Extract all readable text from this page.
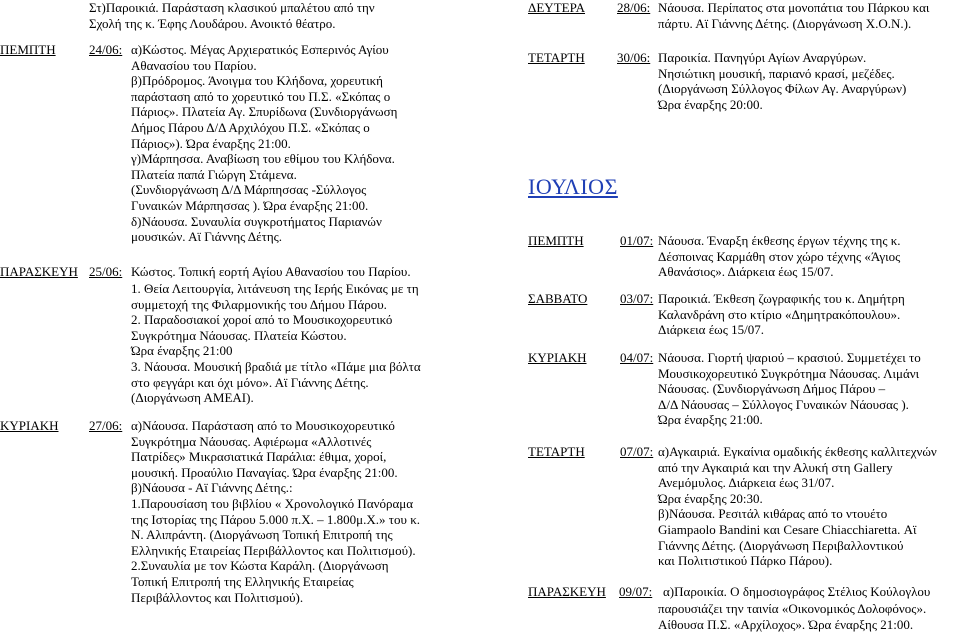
Στ)Παροικιά. Παράσταση κλασικού μπαλέτου από την
Σχολή της κ. Έφης Λουδάρου. Ανοικτό θέατρο.
ΠΕΜΠΤΗ	24/06: α)Κώστος. Μέγας Αρχιερατικός Εσπερινός Αγίου
Αθανασίου του Παρίου.
β)Πρόδρομος. Άνοιγμα του Κλήδονα, χορευτική
παράσταση από το χορευτικό του Π.Σ. «Σκόπας ο
Πάριος». Πλατεία Αγ. Σπυρίδωνα (Συνδιοργάνωση
Δήμος Πάρου Δ/Δ Αρχιλόχου Π.Σ. «Σκόπας ο
Πάριος»). Ώρα έναρξης 21:00.
γ)Μάρπησσα. Αναβίωση του εθίμου του Κλήδονα.
Πλατεία παπά Γιώργη Στάμενα.
(Συνδιοργάνωση Δ/Δ Μάρπησσας -Σύλλογος
Γυναικών Μάρπησσας ). Ώρα έναρξης 21:00.
δ)Νάουσα. Συναυλία συγκροτήματος Παριανών
μουσικών. Αϊ Γιάννης Δέτης.
ΠΑΡΑΣΚΕΥΗ 25/06: Κώστος. Τοπική εορτή Αγίου Αθανασίου του Παρίου.
1. Θεία Λειτουργία, λιτάνευση της Ιερής Εικόνας με τη
συμμετοχή της Φιλαρμονικής του Δήμου Πάρου.
2. Παραδοσιακοί χοροί από το Μουσικοχορευτικό
Συγκρότημα Νάουσας. Πλατεία Κώστου.
Ώρα έναρξης 21:00
3. Νάουσα. Μουσική βραδιά με τίτλο «Πάμε μια βόλτα
στο φεγγάρι και όχι μόνο». Αϊ Γιάννης Δέτης.
(Διοργάνωση ΑΜΕΑΙ).
ΚΥΡΙΑΚΗ 27/06: α)Νάουσα. Παράσταση από το Μουσικοχορευτικό
Συγκρότημα Νάουσας. Αφιέρωμα «Αλλοτινές
Πατρίδες» Μικρασιατικά Παράλια: έθιμα, χοροί,
μουσική. Προαύλιο Παναγίας. Ώρα έναρξης 21:00.
β)Νάουσα - Αϊ Γιάννης Δέτης.:
1.Παρουσίαση του βιβλίου « Χρονολογικό Πανόραμα
της Ιστορίας της Πάρου 5.000 π.Χ. – 1.800μ.Χ.» του κ.
Ν. Αλιπράντη. (Διοργάνωση Τοπική Επιτροπή της
Ελληνικής Εταιρείας Περιβάλλοντος και Πολιτισμού).
2.Συναυλία με τον Κώστα Καράλη. (Διοργάνωση
Τοπική Επιτροπή της Ελληνικής Εταιρείας
Περιβάλλοντος και Πολιτισμού).
ΔΕΥΤΕΡΑ 28/06: Νάουσα. Περίπατος στα μονοπάτια του Πάρκου και
πάρτυ. Αϊ Γιάννης Δέτης. (Διοργάνωση Χ.Ο.Ν.).
ΤΕΤΑΡΤΗ 30/06: Παροικία. Πανηγύρι Αγίων Αναργύρων.
Νησιώτικη μουσική, παριανό κρασί, μεζέδες.
(Διοργάνωση Σύλλογος Φίλων Αγ. Αναργύρων)
Ώρα έναρξης 20:00.
ΙΟΥΛΙΟΣ
ΠΕΜΠΤΗ	01/07: Νάουσα. Έναρξη έκθεσης έργων τέχνης της κ.
Δέσποινας Καρμάθη στον χώρο τέχνης «Άγιος
Αθανάσιος». Διάρκεια έως 15/07.
ΣΑΒΒΑΤΟ	03/07: Παροικιά. Έκθεση ζωγραφικής του κ. Δημήτρη
Καλανδράνη στο κτίριο «Δημητρακόπουλου».
Διάρκεια έως 15/07.
ΚΥΡΙΑΚΗ	04/07: Νάουσα. Γιορτή ψαριού – κρασιού. Συμμετέχει το
Μουσικοχορευτικό Συγκρότημα Νάουσας. Λιμάνι
Νάουσας. (Συνδιοργάνωση Δήμος Πάρου –
Δ/Δ Νάουσας – Σύλλογος Γυναικών Νάουσας ).
Ώρα έναρξης 21:00.
ΤΕΤΑΡΤΗ	07/07: α)Αγκαιριά. Εγκαίνια ομαδικής έκθεσης καλλιτεχνών
από την Αγκαιριά και την Αλυκή στη Gallery
Ανεμόμυλος. Διάρκεια έως 31/07.
Ώρα έναρξης 20:30.
β)Νάουσα. Ρεσιτάλ κιθάρας από το ντουέτο
Giampaolo Bandini και Cesare Chiacchiaretta. Αϊ
Γιάννης Δέτης. (Διοργάνωση Περιβαλλοντικού
και Πολιτιστικού Πάρκο Πάρου).
ΠΑΡΑΣΚΕΥΗ 09/07: α)Παροικία. Ο δημοσιογράφος Στέλιος Κούλογλου
παρουσιάζει την ταινία «Οικονομικός Δολοφόνος».
Αίθουσα Π.Σ. «Αρχίλοχος». Ώρα έναρξης 21:00.
